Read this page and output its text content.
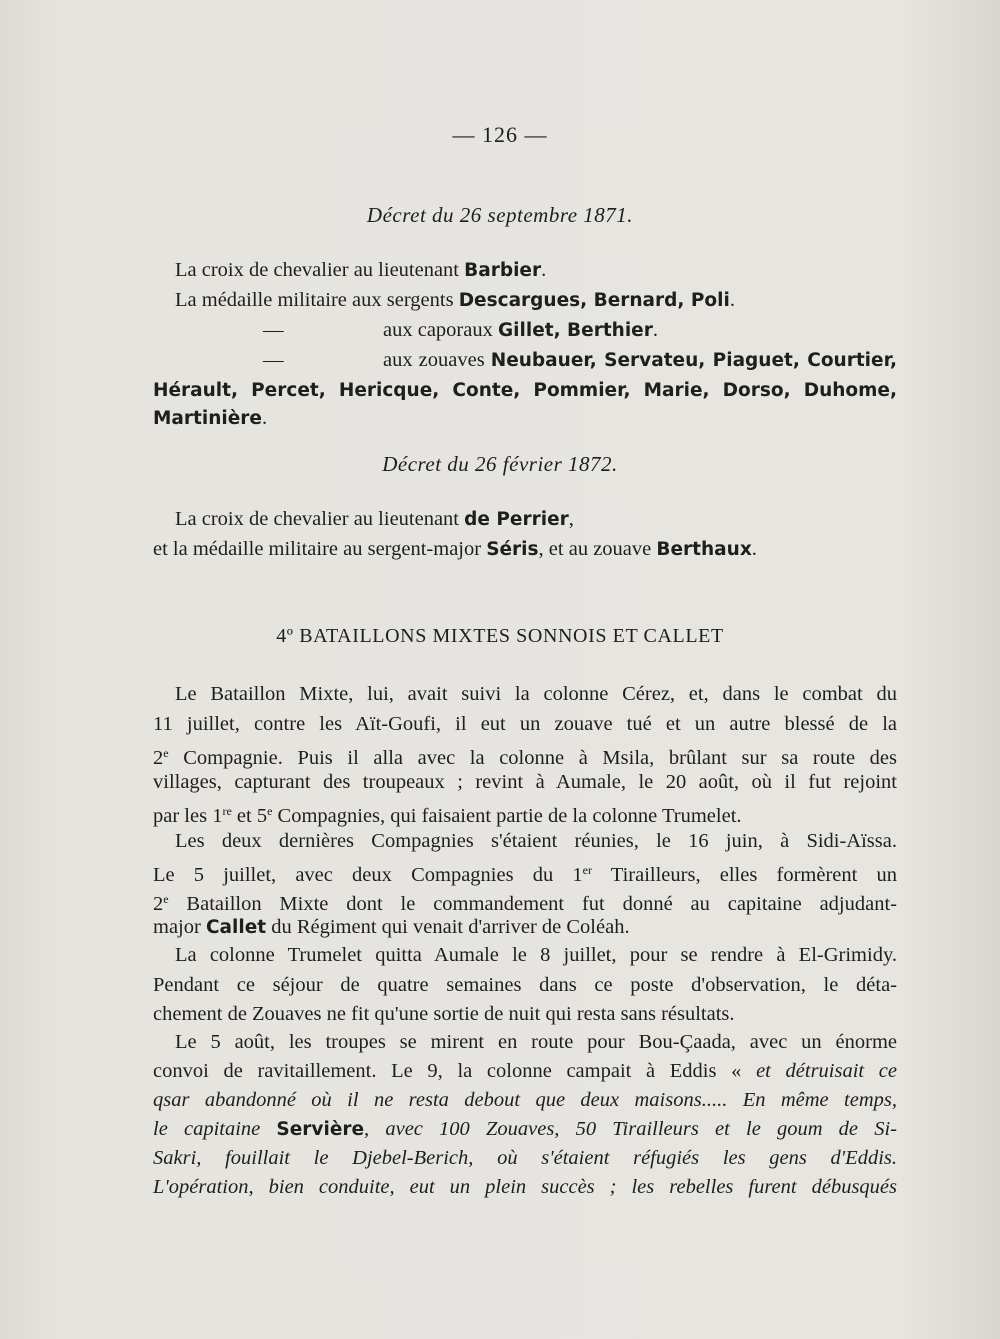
— 126 —
Décret du 26 septembre 1871.
La croix de chevalier au lieutenant Barbier.
La médaille militaire aux sergents Descargues, Bernard, Poli.
—	aux caporaux Gillet, Berthier.
—	aux zouaves Neubauer, Servateu, Piaguet, Courtier,
Hérault, Percet, Hericque, Conte, Pommier, Marie, Dorso, Duhome,
Martinière.
Décret du 26 février 1872.
La croix de chevalier au lieutenant de Perrier,
et la médaille militaire au sergent-major Séris, et au zouave Berthaux.
4º BATAILLONS MIXTES SONNOIS ET CALLET
Le Bataillon Mixte, lui, avait suivi la colonne Cérez, et, dans le combat du
11 juillet, contre les Aït-Goufi, il eut un zouave tué et un autre blessé de la
2e Compagnie. Puis il alla avec la colonne à Msila, brûlant sur sa route des
villages, capturant des troupeaux ; revint à Aumale, le 20 août, où il fut rejoint
par les 1re et 5e Compagnies, qui faisaient partie de la colonne Trumelet.
Les deux dernières Compagnies s'étaient réunies, le 16 juin, à Sidi-Aïssa.
Le 5 juillet, avec deux Compagnies du 1er Tirailleurs, elles formèrent un
2e Bataillon Mixte dont le commandement fut donné au capitaine adjudant-
major Callet du Régiment qui venait d'arriver de Coléah.
La colonne Trumelet quitta Aumale le 8 juillet, pour se rendre à El-Grimidy.
Pendant ce séjour de quatre semaines dans ce poste d'observation, le déta-
chement de Zouaves ne fit qu'une sortie de nuit qui resta sans résultats.
Le 5 août, les troupes se mirent en route pour Bou-Çaada, avec un énorme
convoi de ravitaillement. Le 9, la colonne campait à Eddis « et détruisait ce
qsar abandonné où il ne resta debout que deux maisons..... En même temps,
le capitaine Servière, avec 100 Zouaves, 50 Tirailleurs et le goum de Si-
Sakri, fouillait le Djebel-Berich, où s'étaient réfugiés les gens d'Eddis.
L'opération, bien conduite, eut un plein succès ; les rebelles furent débusqués
